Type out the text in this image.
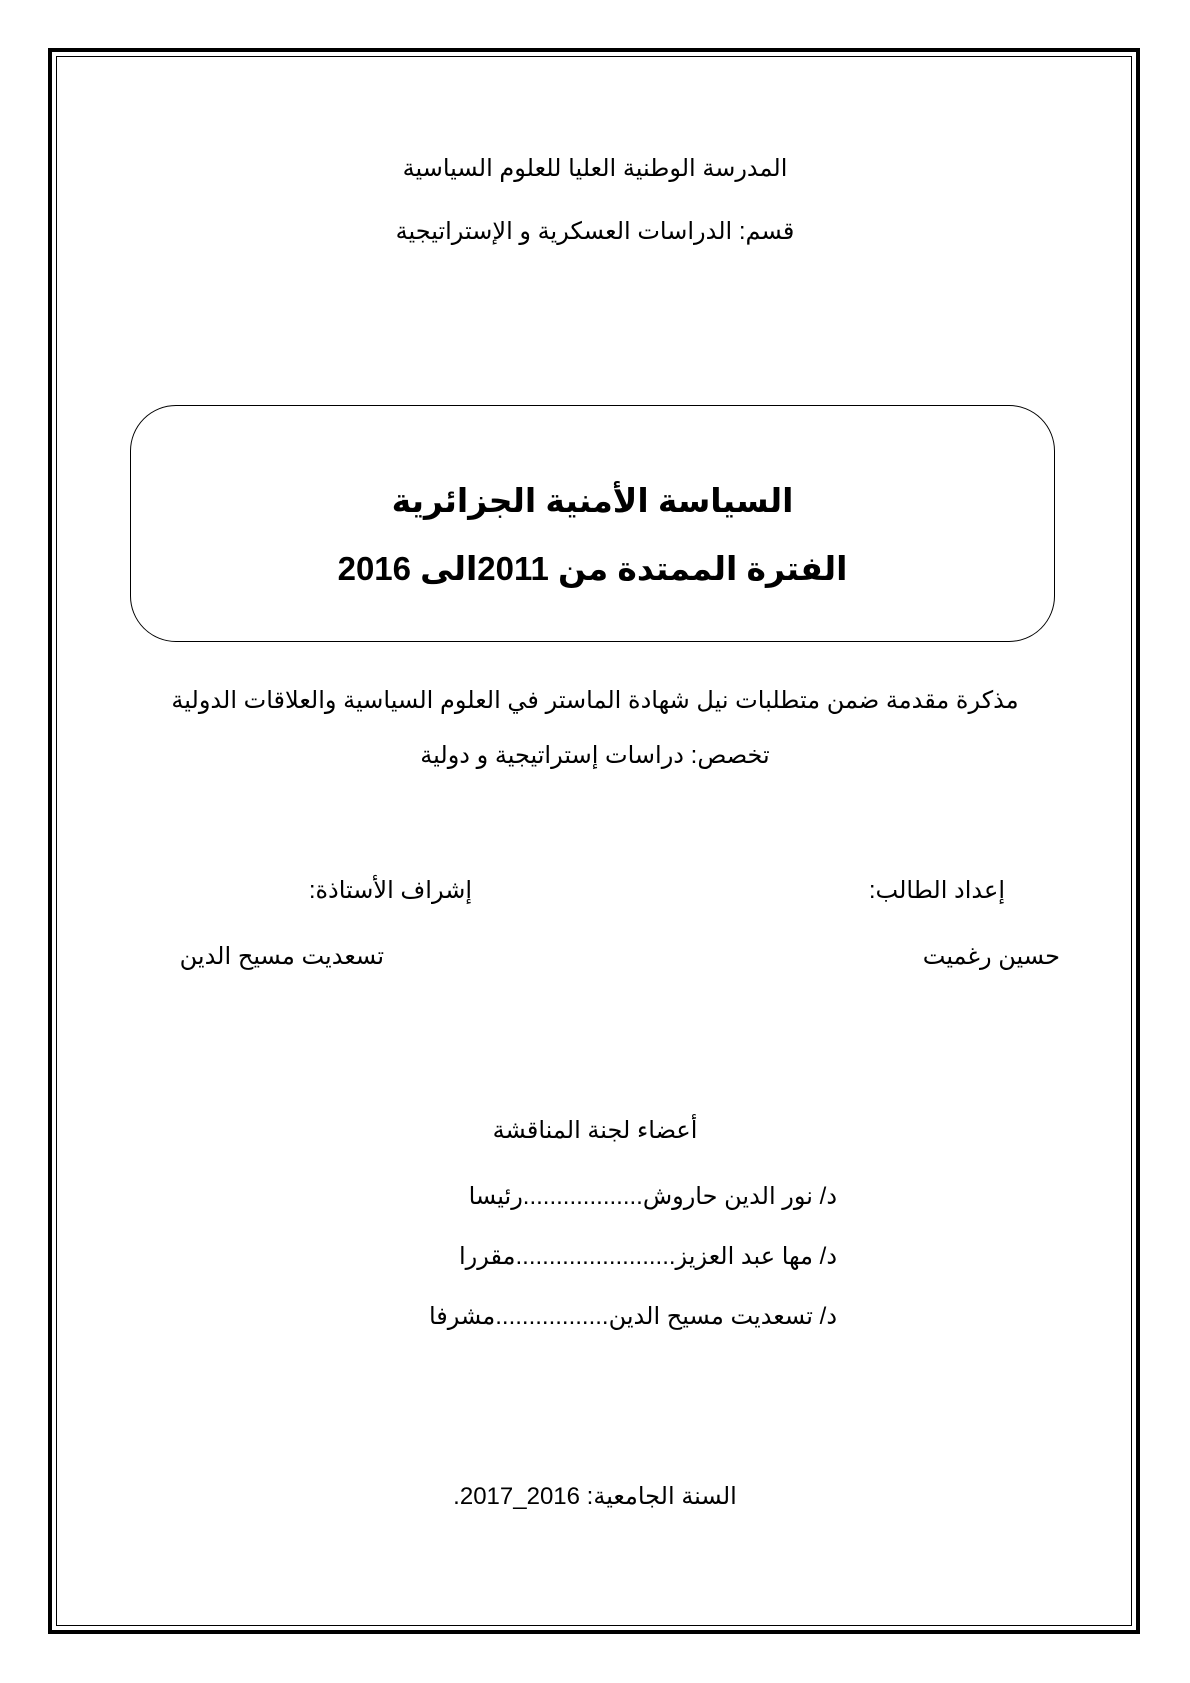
المدرسة الوطنية العليا للعلوم السياسية
قسم: الدراسات العسكرية و الإستراتيجية
السياسة الأمنية الجزائرية
الفترة الممتدة من 2011الى 2016
مذكرة مقدمة ضمن متطلبات نيل شهادة الماستر في العلوم السياسية والعلاقات الدولية
تخصص: دراسات إستراتيجية و دولية
إعداد الطالب:
إشراف الأستاذة:
حسين رغميت
تسعديت مسيح الدين
أعضاء لجنة المناقشة
د/ نور الدين حاروش..................رئيسا
د/ مها عبد العزيز........................مقررا
د/ تسعديت مسيح الدين.................مشرفا
السنة الجامعية: 2016_2017.
